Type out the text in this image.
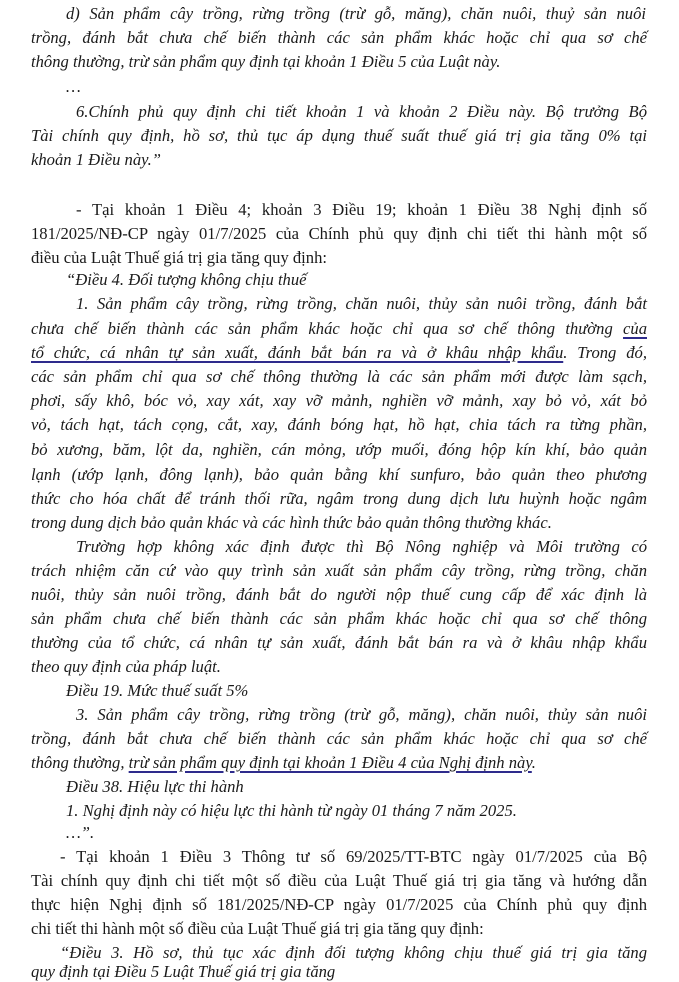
d) Sản phẩm cây trồng, rừng trồng (trừ gỗ, măng), chăn nuôi, thuỷ sản nuôi
trồng, đánh bắt chưa chế biến thành các sản phẩm khác hoặc chỉ qua sơ chế
thông thường, trừ sản phẩm quy định tại khoản 1 Điều 5 của Luật này.
…
6.Chính phủ quy định chi tiết khoản 1 và khoản 2 Điều này. Bộ trưởng Bộ
Tài chính quy định, hồ sơ, thủ tục áp dụng thuế suất thuế giá trị gia tăng 0% tại
khoản 1 Điều này.”
- Tại khoản 1 Điều 4; khoản 3 Điều 19; khoản 1 Điều 38 Nghị định số
181/2025/NĐ-CP ngày 01/7/2025 của Chính phủ quy định chi tiết thi hành một số
điều của Luật Thuế giá trị gia tăng quy định:
“Điều 4. Đối tượng không chịu thuế
1. Sản phẩm cây trồng, rừng trồng, chăn nuôi, thủy sản nuôi trồng, đánh bắt
chưa chế biến thành các sản phẩm khác hoặc chỉ qua sơ chế thông thường của
tổ chức, cá nhân tự sản xuất, đánh bắt bán ra và ở khâu nhập khẩu. Trong đó,
các sản phẩm chỉ qua sơ chế thông thường là các sản phẩm mới được làm sạch,
phơi, sấy khô, bóc vỏ, xay xát, xay vỡ mảnh, nghiền vỡ mảnh, xay bỏ vỏ, xát bỏ
vỏ, tách hạt, tách cọng, cắt, xay, đánh bóng hạt, hồ hạt, chia tách ra từng phần,
bỏ xương, băm, lột da, nghiền, cán mỏng, ướp muối, đóng hộp kín khí, bảo quản
lạnh (ướp lạnh, đông lạnh), bảo quản bằng khí sunfuro, bảo quản theo phương
thức cho hóa chất để tránh thối rữa, ngâm trong dung dịch lưu huỳnh hoặc ngâm
trong dung dịch bảo quản khác và các hình thức bảo quản thông thường khác.
Trường hợp không xác định được thì Bộ Nông nghiệp và Môi trường có
trách nhiệm căn cứ vào quy trình sản xuất sản phẩm cây trồng, rừng trồng, chăn
nuôi, thủy sản nuôi trồng, đánh bắt do người nộp thuế cung cấp để xác định là
sản phẩm chưa chế biến thành các sản phẩm khác hoặc chỉ qua sơ chế thông
thường của tổ chức, cá nhân tự sản xuất, đánh bắt bán ra và ở khâu nhập khẩu
theo quy định của pháp luật.
Điều 19. Mức thuế suất 5%
3. Sản phẩm cây trồng, rừng trồng (trừ gỗ, măng), chăn nuôi, thủy sản nuôi
trồng, đánh bắt chưa chế biến thành các sản phẩm khác hoặc chỉ qua sơ chế
thông thường, trừ sản phẩm quy định tại khoản 1 Điều 4 của Nghị định này.
Điều 38. Hiệu lực thi hành
1. Nghị định này có hiệu lực thi hành từ ngày 01 tháng 7 năm 2025.
…”.
- Tại khoản 1 Điều 3 Thông tư số 69/2025/TT-BTC ngày 01/7/2025 của Bộ
Tài chính quy định chi tiết một số điều của Luật Thuế giá trị gia tăng và hướng dẫn
thực hiện Nghị định số 181/2025/NĐ-CP ngày 01/7/2025 của Chính phủ quy định
chi tiết thi hành một số điều của Luật Thuế giá trị gia tăng quy định:
“Điều 3. Hồ sơ, thủ tục xác định đối tượng không chịu thuế giá trị gia tăng
quy định tại Điều 5 Luật Thuế giá trị gia tăng
